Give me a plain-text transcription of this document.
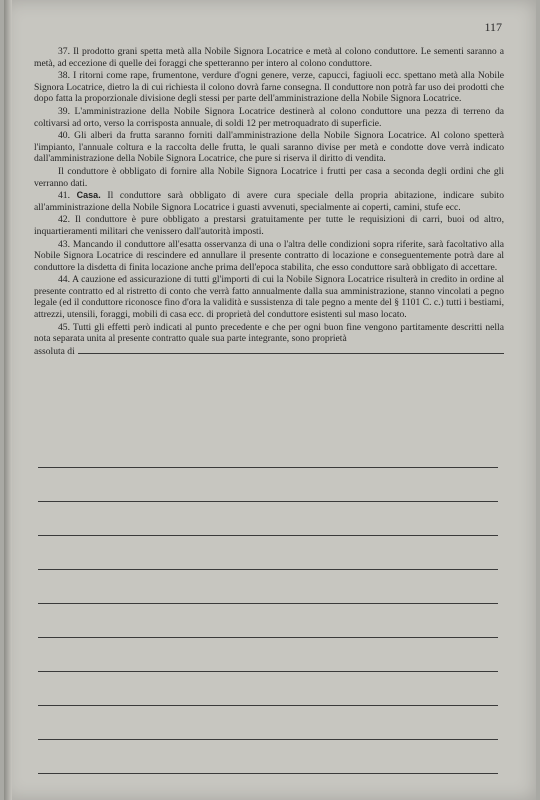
117

37. Il prodotto grani spetta metà alla Nobile Signora Locatrice e metà al colono conduttore. Le sementi saranno a metà, ad eccezione di quelle dei foraggi che spetteranno per intero al colono conduttore.

38. I ritorni come rape, frumentone, verdure d'ogni genere, verze, capucci, fagiuoli ecc. spettano metà alla Nobile Signora Locatrice, dietro la di cui richiesta il colono dovrà farne consegna. Il conduttore non potrà far uso dei prodotti che dopo fatta la proporzionale divisione degli stessi per parte dell'amministrazione della Nobile Signora Locatrice.

39. L'amministrazione della Nobile Signora Locatrice destinerà al colono conduttore una pezza di terreno da coltivarsi ad orto, verso la corrisposta annuale, di soldi 12 per metroquadrato di superficie.

40. Gli alberi da frutta saranno forniti dall'amministrazione della Nobile Signora Locatrice. Al colono spetterà l'impianto, l'annuale coltura e la raccolta delle frutta, le quali saranno divise per metà e condotte dove verrà indicato dall'amministrazione della Nobile Signora Locatrice, che pure si riserva il diritto di vendita.

Il conduttore è obbligato di fornire alla Nobile Signora Locatrice i frutti per casa a seconda degli ordini che gli verranno dati.

41. Casa. Il conduttore sarà obbligato di avere cura speciale della propria abitazione, indicare subito all'amministrazione della Nobile Signora Locatrice i guasti avvenuti, specialmente ai coperti, camini, stufe ecc.

42. Il conduttore è pure obbligato a prestarsi gratuitamente per tutte le requisizioni di carri, buoi od altro, inquartieramenti militari che venissero dall'autorità imposti.

43. Mancando il conduttore all'esatta osservanza di una o l'altra delle condizioni sopra riferite, sarà facoltativo alla Nobile Signora Locatrice di rescindere ed annullare il presente contratto di locazione e conseguentemente potrà dare al conduttore la disdetta di finita locazione anche prima dell'epoca stabilita, che esso conduttore sarà obbligato di accettare.

44. A cauzione ed assicurazione di tutti gl'importi di cui la Nobile Signora Locatrice risulterà in credito in ordine al presente contratto ed al ristretto di conto che verrà fatto annualmente dalla sua amministrazione, stanno vincolati a pegno legale (ed il conduttore riconosce fino d'ora la validità e sussistenza di tale pegno a mente del § 1101 C. c.) tutti i bestiami, attrezzi, utensili, foraggi, mobili di casa ecc. di proprietà del conduttore esistenti sul maso locato.

45. Tutti gli effetti però indicati al punto precedente e che per ogni buon fine vengono partitamente descritti nella nota separata unita al presente contratto quale sua parte integrante, sono proprietà

assoluta di
